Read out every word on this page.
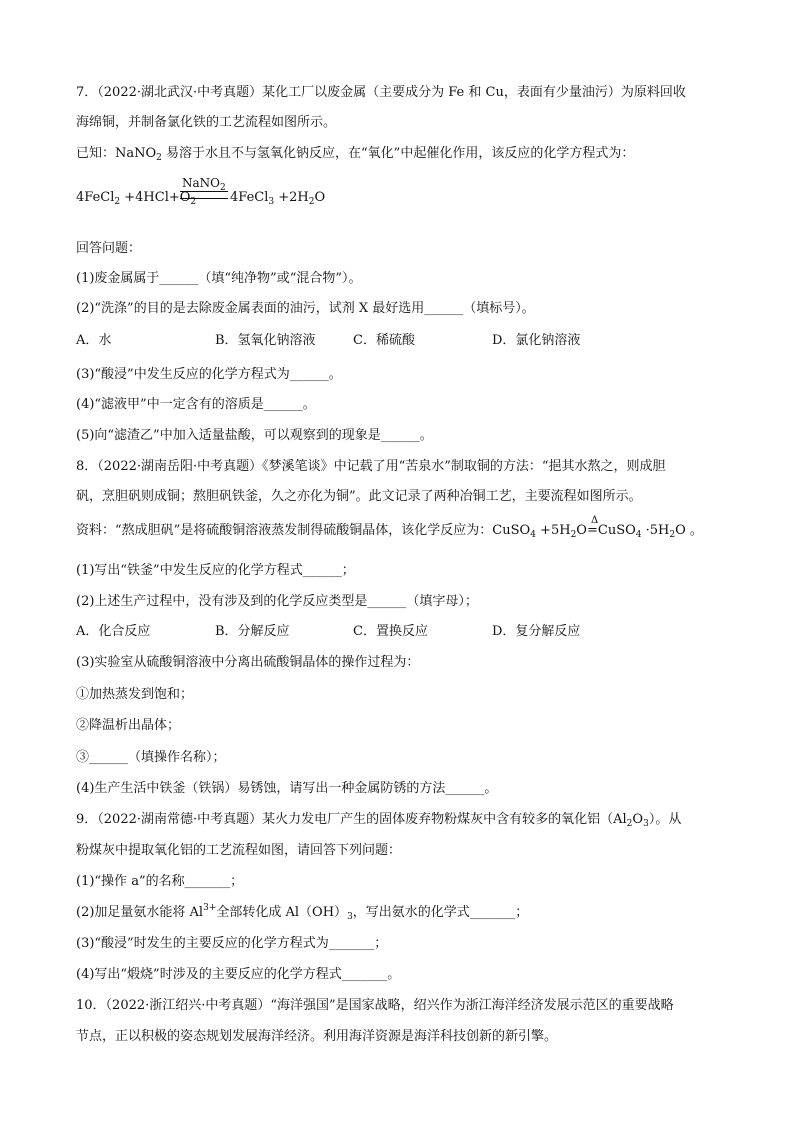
7．（2022·湖北武汉·中考真题）某化工厂以废金属（主要成分为 Fe 和 Cu，表面有少量油污）为原料回收
海绵铜，并制备氯化铁的工艺流程如图所示。
已知：NaNO$_2$ 易溶于水且不与氢氧化钠反应，在“氧化”中起催化作用，该反应的化学方程式为：
4FeCl$_2$ $+4HCl+O_2$
NaNO$_2$
4FeCl$_3$ $+2H_2O$
回答问题：
(1)废金属属于______（填“纯净物”或“混合物”）。
(2)“洗涤”的目的是去除废金属表面的油污，试剂 X 最好选用______（填标号）。
A．水	B．氢氧化钠溶液	C．稀硫酸	D．氯化钠溶液
(3)“酸浸”中发生反应的化学方程式为______。
(4)“滤液甲”中一定含有的溶质是______。
(5)向“滤渣乙”中加入适量盐酸，可以观察到的现象是______。
8．（2022·湖南岳阳·中考真题）《梦溪笔谈》中记载了用“苦泉水”制取铜的方法：“挹其水熬之，则成胆
矾，烹胆矾则成铜；熬胆矾铁釜，久之亦化为铜”。此文记录了两种冶铜工艺，主要流程如图所示。
资料：“熬成胆矾”是将硫酸铜溶液蒸发制得硫酸铜晶体，该化学反应为：CuSO$_4$ $+5H_2O$
Δ
=CuSO$_4$ $\cdot 5H_2O$ 。
(1)写出“铁釜”中发生反应的化学方程式______；
(2)上述生产过程中，没有涉及到的化学反应类型是______（填字母）；
A．化合反应	B．分解反应	C．置换反应	D．复分解反应
(3)实验室从硫酸铜溶液中分离出硫酸铜晶体的操作过程为：
①加热蒸发到饱和；
②降温析出晶体；
③______（填操作名称）；
(4)生产生活中铁釜（铁锅）易锈蚀，请写出一种金属防锈的方法______。
9．（2022·湖南常德·中考真题）某火力发电厂产生的固体废弃物粉煤灰中含有较多的氧化铝$(Al_2O_3)$。从
粉煤灰中提取氧化铝的工艺流程如图，请回答下列问题：
(1)“操作 a”的名称_______；
(2)加足量氨水能将 $Al^{3+}$全部转化成 $Al(OH)_3$，写出氨水的化学式_______；
(3)“酸浸”时发生的主要反应的化学方程式为_______；
(4)写出“煅烧”时涉及的主要反应的化学方程式_______。
10．（2022·浙江绍兴·中考真题）“海洋强国”是国家战略，绍兴作为浙江海洋经济发展示范区的重要战略
节点，正以积极的姿态规划发展海洋经济。利用海洋资源是海洋科技创新的新引擎。
